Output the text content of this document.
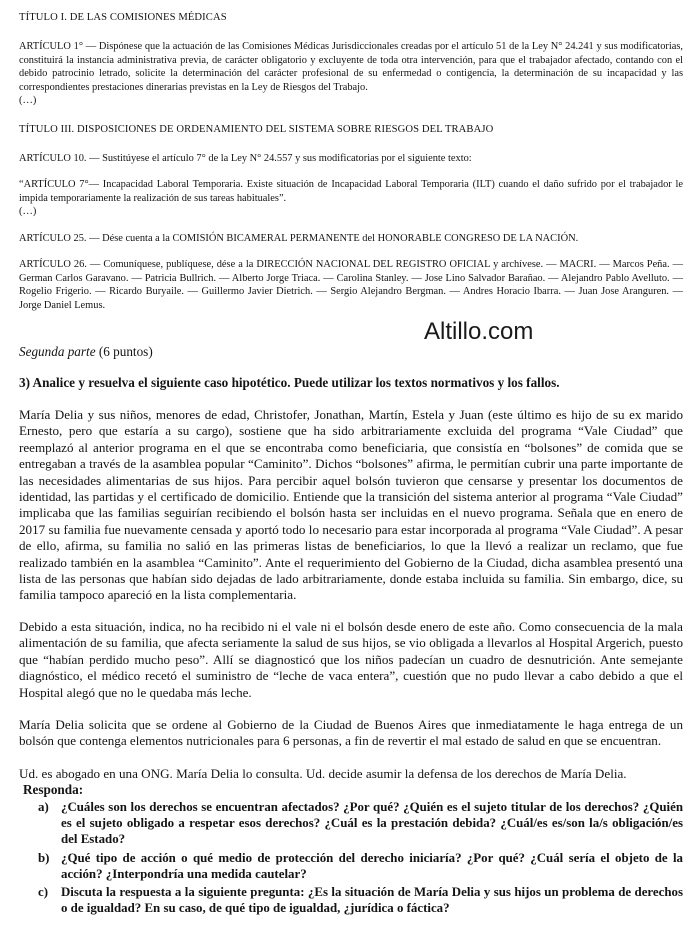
TÍTULO I. DE LAS COMISIONES MÉDICAS

ARTÍCULO 1° — Dispónese que la actuación de las Comisiones Médicas Jurisdiccionales creadas por el artículo 51 de la Ley N° 24.241 y sus modificatorias, constituirá la instancia administrativa previa, de carácter obligatorio y excluyente de toda otra intervención, para que el trabajador afectado, contando con el debido patrocinio letrado, solicite la determinación del carácter profesional de su enfermedad o contigencia, la determinación de su incapacidad y las correspondientes prestaciones dinerarias previstas en la Ley de Riesgos del Trabajo.

(…)

TÍTULO III. DISPOSICIONES DE ORDENAMIENTO DEL SISTEMA SOBRE RIESGOS DEL TRABAJO
ARTÍCULO 10. — Sustitúyese el artículo 7° de la Ley N° 24.557 y sus modificatorias por el siguiente texto:

“ARTÍCULO 7°— Incapacidad Laboral Temporaria. Existe situación de Incapacidad Laboral Temporaria (ILT) cuando el daño sufrido por el trabajador le impida temporariamente la realización de sus tareas habituales”.

(…)

ARTÍCULO 25. — Dése cuenta a la COMISIÓN BICAMERAL PERMANENTE del HONORABLE CONGRESO DE LA NACIÓN.
ARTÍCULO 26. — Comuníquese, publíquese, dése a la DIRECCIÓN NACIONAL DEL REGISTRO OFICIAL y archívese. — MACRI. — Marcos Peña. — German Carlos Garavano. — Patricia Bullrich. — Alberto Jorge Triaca. — Carolina Stanley. — Jose Lino Salvador Barañao. — Alejandro Pablo Avelluto. — Rogelio Frigerio. — Ricardo Buryaile. — Guillermo Javier Dietrich. — Sergio Alejandro Bergman. — Andres Horacio Ibarra. — Juan Jose Aranguren. — Jorge Daniel Lemus.
Altillo.com
Segunda parte (6 puntos)
3) Analice y resuelva el siguiente caso hipotético. Puede utilizar los textos normativos y los fallos.
María Delia y sus niños, menores de edad, Christofer, Jonathan, Martín, Estela y Juan (este último es hijo de su ex marido Ernesto, pero que estaría a su cargo), sostiene que ha sido arbitrariamente excluida del programa “Vale Ciudad” que reemplazó al anterior programa en el que se encontraba como beneficiaria, que consistía en “bolsones” de comida que se entregaban a través de la asamblea popular “Caminito”. Dichos “bolsones” afirma, le permitían cubrir una parte importante de las necesidades alimentarias de sus hijos. Para percibir aquel bolsón tuvieron que censarse y presentar los documentos de identidad, las partidas y el certificado de domicilio. Entiende que la transición del sistema anterior al programa “Vale Ciudad” implicaba que las familias seguirían recibiendo el bolsón hasta ser incluidas en el nuevo programa. Señala que en enero de 2017 su familia fue nuevamente censada y aportó todo lo necesario para estar incorporada al programa “Vale Ciudad”. A pesar de ello, afirma, su familia no salió en las primeras listas de beneficiarios, lo que la llevó a realizar un reclamo, que fue realizado también en la asamblea “Caminito”. Ante el requerimiento del Gobierno de la Ciudad, dicha asamblea presentó una lista de las personas que habían sido dejadas de lado arbitrariamente, donde estaba incluida su familia. Sin embargo, dice, su familia tampoco apareció en la lista complementaria.
Debido a esta situación, indica, no ha recibido ni el vale ni el bolsón desde enero de este año. Como consecuencia de la mala alimentación de su familia, que afecta seriamente la salud de sus hijos, se vio obligada a llevarlos al Hospital Argerich, puesto que “habían perdido mucho peso”. Allí se diagnosticó que los niños padecían un cuadro de desnutrición. Ante semejante diagnóstico, el médico recetó el suministro de “leche de vaca entera”, cuestión que no pudo llevar a cabo debido a que el Hospital alegó que no le quedaba más leche.
María Delia solicita que se ordene al Gobierno de la Ciudad de Buenos Aires que inmediatamente le haga entrega de un bolsón que contenga elementos nutricionales para 6 personas, a fin de revertir el mal estado de salud en que se encuentran.
Ud. es abogado en una ONG. María Delia lo consulta. Ud. decide asumir la defensa de los derechos de María Delia.
Responda:
a) ¿Cuáles son los derechos se encuentran afectados? ¿Por qué? ¿Quién es el sujeto titular de los derechos? ¿Quién es el sujeto obligado a respetar esos derechos? ¿Cuál es la prestación debida? ¿Cuál/es es/son la/s obligación/es del Estado?
b) ¿Qué tipo de acción o qué medio de protección del derecho iniciaría? ¿Por qué? ¿Cuál sería el objeto de la acción? ¿Interpondría una medida cautelar?
c) Discuta la respuesta a la siguiente pregunta: ¿Es la situación de María Delia y sus hijos un problema de derechos o de igualdad? En su caso, de qué tipo de igualdad, ¿jurídica o fáctica?
